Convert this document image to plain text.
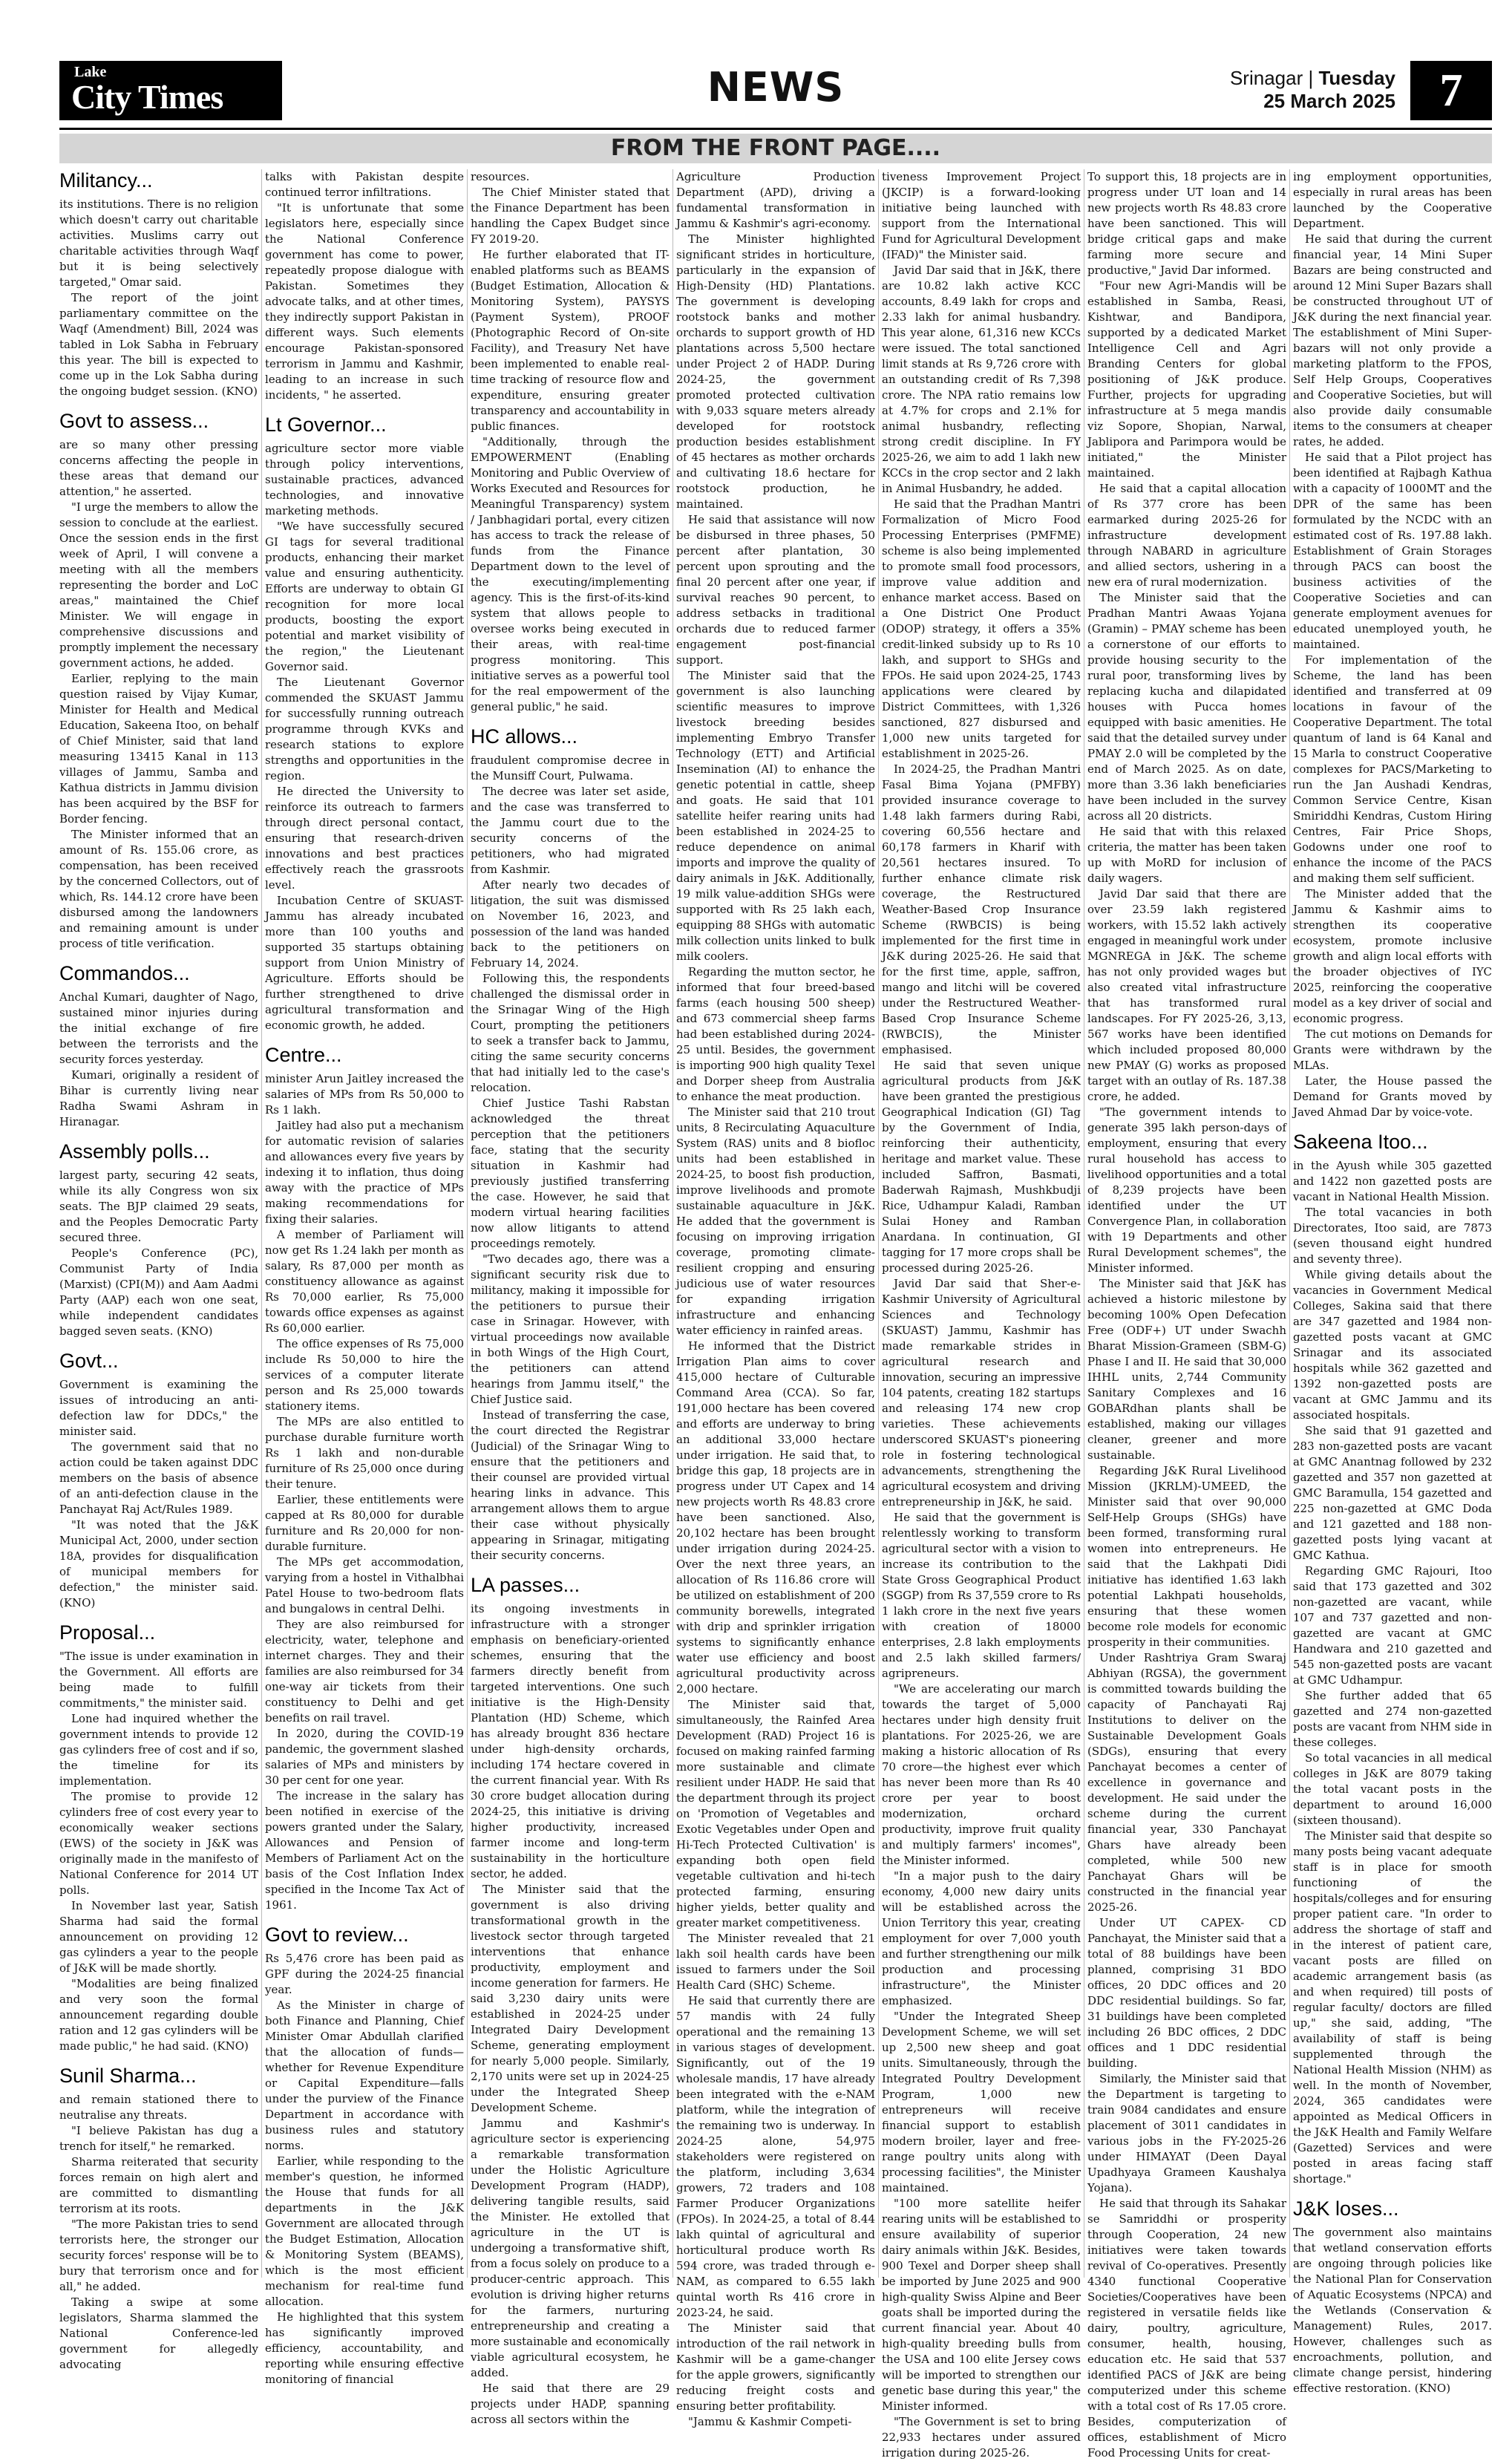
Lake
City Times	NEWS	Srinagar | Tuesday
25 March 2025 7
FROM THE FRONT PAGE....
Militancy...

its institutions. There is no religion which doesn't carry out charitable activities. Muslims carry out charitable activities through Waqf but it is being selectively targeted," Omar said.

The report of the joint parliamentary committee on the Waqf (Amendment) Bill, 2024 was tabled in Lok Sabha in February this year. The bill is expected to come up in the Lok Sabha during the ongoing budget session. (KNO)

Govt to assess...

are so many other pressing concerns affecting the people in these areas that demand our attention," he asserted.

"I urge the members to allow the session to conclude at the earliest. Once the session ends in the first week of April, I will convene a meeting with all the members representing the border and LoC areas," maintained the Chief Minister. We will engage in comprehensive discussions and promptly implement the necessary government actions, he added.

Earlier, replying to the main question raised by Vijay Kumar, Minister for Health and Medical Education, Sakeena Itoo, on behalf of Chief Minister, said that land measuring 13415 Kanal in 113 villages of Jammu, Samba and Kathua districts in Jammu division has been acquired by the BSF for Border fencing.

The Minister informed that an amount of Rs. 155.06 crore, as compensation, has been received by the concerned Collectors, out of which, Rs. 144.12 crore have been disbursed among the landowners and remaining amount is under process of title verification.

Commandos...

Anchal Kumari, daughter of Nago, sustained minor injuries during the initial exchange of fire between the terrorists and the security forces yesterday.

Kumari, originally a resident of Bihar is currently living near Radha Swami Ashram in Hiranagar.

Assembly polls...

largest party, securing 42 seats, while its ally Congress won six seats. The BJP claimed 29 seats, and the Peoples Democratic Party secured three.

People's Conference (PC), Communist Party of India (Marxist) (CPI(M)) and Aam Aadmi Party (AAP) each won one seat, while independent candidates bagged seven seats. (KNO)

Govt...

Government is examining the issues of introducing an anti-defection law for DDCs," the minister said.

The government said that no action could be taken against DDC members on the basis of absence of an anti-defection clause in the Panchayat Raj Act/Rules 1989.

"It was noted that the J&K Municipal Act, 2000, under section 18A, provides for disqualification of municipal members for defection," the minister said. (KNO)

Proposal...

"The issue is under examination in the Government. All efforts are being made to fulfill commitments," the minister said.

Lone had inquired whether the government intends to provide 12 gas cylinders free of cost and if so, the timeline for its implementation.

The promise to provide 12 cylinders free of cost every year to economically weaker sections (EWS) of the society in J&K was originally made in the manifesto of National Conference for 2014 UT polls.

In November last year, Satish Sharma had said the formal announcement on providing 12 gas cylinders a year to the people of J&K will be made shortly.

"Modalities are being finalized and very soon the formal announcement regarding double ration and 12 gas cylinders will be made public," he had said. (KNO)

Sunil Sharma...

and remain stationed there to neutralise any threats.

"I believe Pakistan has dug a trench for itself," he remarked.

Sharma reiterated that security forces remain on high alert and are committed to dismantling terrorism at its roots.

"The more Pakistan tries to send terrorists here, the stronger our security forces' response will be to bury that terrorism once and for all," he added.

Taking a swipe at some legislators, Sharma slammed the National Conference-led government for allegedly advocating

talks with Pakistan despite continued terror infiltrations.

"It is unfortunate that some legislators here, especially since the National Conference government has come to power, repeatedly propose dialogue with Pakistan. Sometimes they advocate talks, and at other times, they indirectly support Pakistan in different ways. Such elements encourage Pakistan-sponsored terrorism in Jammu and Kashmir, leading to an increase in such incidents, " he asserted.

Lt Governor...

agriculture sector more viable through policy interventions, sustainable practices, advanced technologies, and innovative marketing methods.

"We have successfully secured GI tags for several traditional products, enhancing their market value and ensuring authenticity. Efforts are underway to obtain GI recognition for more local products, boosting the export potential and market visibility of the region," the Lieutenant Governor said.

The Lieutenant Governor commended the SKUAST Jammu for successfully running outreach programme through KVKs and research stations to explore strengths and opportunities in the region.

He directed the University to reinforce its outreach to farmers through direct personal contact, ensuring that research-driven innovations and best practices effectively reach the grassroots level.

Incubation Centre of SKUAST-Jammu has already incubated more than 100 youths and supported 35 startups obtaining support from Union Ministry of Agriculture. Efforts should be further strengthened to drive agricultural transformation and economic growth, he added.

Centre...

minister Arun Jaitley increased the salaries of MPs from Rs 50,000 to Rs 1 lakh.

Jaitley had also put a mechanism for automatic revision of salaries and allowances every five years by indexing it to inflation, thus doing away with the practice of MPs making recommendations for fixing their salaries.

A member of Parliament will now get Rs 1.24 lakh per month as salary, Rs 87,000 per month as constituency allowance as against Rs 70,000 earlier, Rs 75,000 towards office expenses as against Rs 60,000 earlier.

The office expenses of Rs 75,000 include Rs 50,000 to hire the services of a computer literate person and Rs 25,000 towards stationery items.

The MPs are also entitled to purchase durable furniture worth Rs 1 lakh and non-durable furniture of Rs 25,000 once during their tenure.

Earlier, these entitlements were capped at Rs 80,000 for durable furniture and Rs 20,000 for non-durable furniture.

The MPs get accommodation, varying from a hostel in Vithalbhai Patel House to two-bedroom flats and bungalows in central Delhi.

They are also reimbursed for electricity, water, telephone and internet charges. They and their families are also reimbursed for 34 one-way air tickets from their constituency to Delhi and get benefits on rail travel.

In 2020, during the COVID-19 pandemic, the government slashed salaries of MPs and ministers by 30 per cent for one year.

The increase in the salary has been notified in exercise of the powers granted under the Salary, Allowances and Pension of Members of Parliament Act on the basis of the Cost Inflation Index specified in the Income Tax Act of 1961.

Govt to review...

Rs 5,476 crore has been paid as GPF during the 2024-25 financial year.

As the Minister in charge of both Finance and Planning, Chief Minister Omar Abdullah clarified that the allocation of funds—whether for Revenue Expenditure or Capital Expenditure—falls under the purview of the Finance Department in accordance with business rules and statutory norms.

Earlier, while responding to the member's question, he informed the House that funds for all departments in the J&K Government are allocated through the Budget Estimation, Allocation & Monitoring System (BEAMS), which is the most efficient mechanism for real-time fund allocation.

He highlighted that this system has significantly improved efficiency, accountability, and reporting while ensuring effective monitoring of financial

resources.

The Chief Minister stated that the Finance Department has been handling the Capex Budget since FY 2019-20.

He further elaborated that IT-enabled platforms such as BEAMS (Budget Estimation, Allocation & Monitoring System), PAYSYS (Payment System), PROOF (Photographic Record of On-site Facility), and Treasury Net have been implemented to enable real-time tracking of resource flow and expenditure, ensuring greater transparency and accountability in public finances.

"Additionally, through the EMPOWERMENT (Enabling Monitoring and Public Overview of Works Executed and Resources for Meaningful Transparency) system / Janbhagidari portal, every citizen has access to track the release of funds from the Finance Department down to the level of the executing/implementing agency. This is the first-of-its-kind system that allows people to oversee works being executed in their areas, with real-time progress monitoring. This initiative serves as a powerful tool for the real empowerment of the general public," he said.

HC allows...

fraudulent compromise decree in the Munsiff Court, Pulwama.

The decree was later set aside, and the case was transferred to the Jammu court due to the security concerns of the petitioners, who had migrated from Kashmir.

After nearly two decades of litigation, the suit was dismissed on November 16, 2023, and possession of the land was handed back to the petitioners on February 14, 2024.

Following this, the respondents challenged the dismissal order in the Srinagar Wing of the High Court, prompting the petitioners to seek a transfer back to Jammu, citing the same security concerns that had initially led to the case's relocation.

Chief Justice Tashi Rabstan acknowledged the threat perception that the petitioners face, stating that the security situation in Kashmir had previously justified transferring the case. However, he said that modern virtual hearing facilities now allow litigants to attend proceedings remotely.

"Two decades ago, there was a significant security risk due to militancy, making it impossible for the petitioners to pursue their case in Srinagar. However, with virtual proceedings now available in both Wings of the High Court, the petitioners can attend hearings from Jammu itself," the Chief Justice said.

Instead of transferring the case, the court directed the Registrar (Judicial) of the Srinagar Wing to ensure that the petitioners and their counsel are provided virtual hearing links in advance. This arrangement allows them to argue their case without physically appearing in Srinagar, mitigating their security concerns.

LA passes...

its ongoing investments in infrastructure with a stronger emphasis on beneficiary-oriented schemes, ensuring that the farmers directly benefit from targeted interventions. One such initiative is the High-Density Plantation (HD) Scheme, which has already brought 836 hectare under high-density orchards, including 174 hectare covered in the current financial year. With Rs 30 crore budget allocation during 2024-25, this initiative is driving higher productivity, increased farmer income and long-term sustainability in the horticulture sector, he added.

The Minister said that the government is also driving transformational growth in the livestock sector through targeted interventions that enhance productivity, employment and income generation for farmers. He said 3,230 dairy units were established in 2024-25 under Integrated Dairy Development Scheme, generating employment for nearly 5,000 people. Similarly, 2,170 units were set up in 2024-25 under the Integrated Sheep Development Scheme.

Jammu and Kashmir's agriculture sector is experiencing a remarkable transformation under the Holistic Agriculture Development Program (HADP), delivering tangible results, said the Minister. He extolled that agriculture in the UT is undergoing a transformative shift, from a focus solely on produce to a producer-centric approach. This evolution is driving higher returns for the farmers, nurturing entrepreneurship and creating a more sustainable and economically viable agricultural ecosystem, he added.

He said that there are 29 projects under HADP, spanning across all sectors within the

Agriculture Production Department (APD), driving a fundamental transformation in Jammu & Kashmir's agri-economy.

The Minister highlighted significant strides in horticulture, particularly in the expansion of High-Density (HD) Plantations. The government is developing rootstock banks and mother orchards to support growth of HD plantations across 5,500 hectare under Project 2 of HADP. During 2024-25, the government promoted protected cultivation with 9,033 square meters already developed for rootstock production besides establishment of 45 hectares as mother orchards and cultivating 18.6 hectare for rootstock production, he maintained.

He said that assistance will now be disbursed in three phases, 50 percent after plantation, 30 percent upon sprouting and the final 20 percent after one year, if survival reaches 90 percent, to address setbacks in traditional orchards due to reduced farmer engagement post-financial support.

The Minister said that the government is also launching scientific measures to improve livestock breeding besides implementing Embryo Transfer Technology (ETT) and Artificial Insemination (AI) to enhance the genetic potential in cattle, sheep and goats. He said that 101 satellite heifer rearing units had been established in 2024-25 to reduce dependence on animal imports and improve the quality of dairy animals in J&K. Additionally, 19 milk value-addition SHGs were supported with Rs 25 lakh each, equipping 88 SHGs with automatic milk collection units linked to bulk milk coolers.

Regarding the mutton sector, he informed that four breed-based farms (each housing 500 sheep) and 673 commercial sheep farms had been established during 2024-25 until. Besides, the government is importing 900 high quality Texel and Dorper sheep from Australia to enhance the meat production.

The Minister said that 210 trout units, 8 Recirculating Aquaculture System (RAS) units and 8 biofloc units had been established in 2024-25, to boost fish production, improve livelihoods and promote sustainable aquaculture in J&K. He added that the government is focusing on improving irrigation coverage, promoting climate-resilient cropping and ensuring judicious use of water resources for expanding irrigation infrastructure and enhancing water efficiency in rainfed areas.

He informed that the District Irrigation Plan aims to cover 415,000 hectare of Culturable Command Area (CCA). So far, 191,000 hectare has been covered and efforts are underway to bring an additional 33,000 hectare under irrigation. He said that, to bridge this gap, 18 projects are in progress under UT Capex and 14 new projects worth Rs 48.83 crore have been sanctioned. Also, 20,102 hectare has been brought under irrigation during 2024-25. Over the next three years, an allocation of Rs 116.86 crore will be utilized on establishment of 200 community borewells, integrated with drip and sprinkler irrigation systems to significantly enhance water use efficiency and boost agricultural productivity across 2,000 hectare.

The Minister said that, simultaneously, the Rainfed Area Development (RAD) Project 16 is focused on making rainfed farming more sustainable and climate resilient under HADP. He said that the department through its project on 'Promotion of Vegetables and Exotic Vegetables under Open and Hi-Tech Protected Cultivation' is expanding both open field vegetable cultivation and hi-tech protected farming, ensuring higher yields, better quality and greater market competitiveness.

The Minister revealed that 21 lakh soil health cards have been issued to farmers under the Soil Health Card (SHC) Scheme.

He said that currently there are 57 mandis with 24 fully operational and the remaining 13 in various stages of development. Significantly, out of the 19 wholesale mandis, 17 have already been integrated with the e-NAM platform, while the integration of the remaining two is underway. In 2024-25 alone, 54,975 stakeholders were registered on the platform, including 3,634 growers, 72 traders and 108 Farmer Producer Organizations (FPOs). In 2024-25, a total of 8.44 lakh quintal of agricultural and horticultural produce worth Rs 594 crore, was traded through e-NAM, as compared to 6.55 lakh quintal worth Rs 416 crore in 2023-24, he said.

The Minister said that introduction of the rail network in Kashmir will be a game-changer for the apple growers, significantly reducing freight costs and ensuring better profitability.

"Jammu & Kashmir Competi-

tiveness Improvement Project (JKCIP) is a forward-looking initiative being launched with support from the International Fund for Agricultural Development (IFAD)" the Minister said.

Javid Dar said that in J&K, there are 10.82 lakh active KCC accounts, 8.49 lakh for crops and 2.33 lakh for animal husbandry. This year alone, 61,316 new KCCs were issued. The total sanctioned limit stands at Rs 9,726 crore with an outstanding credit of Rs 7,398 crore. The NPA ratio remains low at 4.7% for crops and 2.1% for animal husbandry, reflecting strong credit discipline. In FY 2025-26, we aim to add 1 lakh new KCCs in the crop sector and 2 lakh in Animal Husbandry, he added.

He said that the Pradhan Mantri Formalization of Micro Food Processing Enterprises (PMFME) scheme is also being implemented to promote small food processors, improve value addition and enhance market access. Based on a One District One Product (ODOP) strategy, it offers a 35% credit-linked subsidy up to Rs 10 lakh, and support to SHGs and FPOs. He said upon 2024-25, 1743 applications were cleared by District Committees, with 1,326 sanctioned, 827 disbursed and 1,000 new units targeted for establishment in 2025-26.

In 2024-25, the Pradhan Mantri Fasal Bima Yojana (PMFBY) provided insurance coverage to 1.48 lakh farmers during Rabi, covering 60,556 hectare and 60,178 farmers in Kharif with 20,561 hectares insured. To further enhance climate risk coverage, the Restructured Weather-Based Crop Insurance Scheme (RWBCIS) is being implemented for the first time in J&K during 2025-26. He said that for the first time, apple, saffron, mango and litchi will be covered under the Restructured Weather-Based Crop Insurance Scheme (RWBCIS), the Minister emphasised.

He said that seven unique agricultural products from J&K have been granted the prestigious Geographical Indication (GI) Tag by the Government of India, reinforcing their authenticity, heritage and market value. These included Saffron, Basmati, Baderwah Rajmash, Mushkbudji Rice, Udhampur Kaladi, Ramban Sulai Honey and Ramban Anardana. In continuation, GI tagging for 17 more crops shall be processed during 2025-26.

Javid Dar said that Sher-e-Kashmir University of Agricultural Sciences and Technology (SKUAST) Jammu, Kashmir has made remarkable strides in agricultural research and innovation, securing an impressive 104 patents, creating 182 startups and releasing 174 new crop varieties. These achievements underscored SKUAST's pioneering role in fostering technological advancements, strengthening the agricultural ecosystem and driving entrepreneurship in J&K, he said.

He said that the government is relentlessly working to transform agricultural sector with a vision to increase its contribution to the State Gross Geographical Product (SGGP) from Rs 37,559 crore to Rs 1 lakh crore in the next five years with creation of 18000 enterprises, 2.8 lakh employments and 2.5 lakh skilled farmers/ agripreneurs.

"We are accelerating our march towards the target of 5,000 hectares under high density fruit plantations. For 2025-26, we are making a historic allocation of Rs 70 crore—the highest ever which has never been more than Rs 40 crore per year to boost modernization, orchard productivity, improve fruit quality and multiply farmers' incomes", the Minister informed.

"In a major push to the dairy economy, 4,000 new dairy units will be established across the Union Territory this year, creating employment for over 7,000 youth and further strengthening our milk production and processing infrastructure", the Minister emphasized.

"Under the Integrated Sheep Development Scheme, we will set up 2,500 new sheep and goat units. Simultaneously, through the Integrated Poultry Development Program, 1,000 new entrepreneurs will receive financial support to establish modern broiler, layer and free-range poultry units along with processing facilities", the Minister maintained.

"100 more satellite heifer rearing units will be established to ensure availability of superior dairy animals within J&K. Besides, 900 Texel and Dorper sheep shall be imported by June 2025 and 900 high-quality Swiss Alpine and Beer goats shall be imported during the current financial year. About 40 high-quality breeding bulls from the USA and 100 elite Jersey cows will be imported to strengthen our genetic base during this year," the Minister informed.

"The Government is set to bring 22,933 hectares under assured irrigation during 2025-26.

To support this, 18 projects are in progress under UT loan and 14 new projects worth Rs 48.83 crore have been sanctioned. This will bridge critical gaps and make farming more secure and productive," Javid Dar informed.

"Four new Agri-Mandis will be established in Samba, Reasi, Kishtwar, and Bandipora, supported by a dedicated Market Intelligence Cell and Agri Branding Centers for global positioning of J&K produce. Further, projects for upgrading infrastructure at 5 mega mandis viz Sopore, Shopian, Narwal, Jablipora and Parimpora would be initiated," the Minister maintained.

He said that a capital allocation of Rs 377 crore has been earmarked during 2025-26 for infrastructure development through NABARD in agriculture and allied sectors, ushering in a new era of rural modernization.

The Minister said that the Pradhan Mantri Awaas Yojana (Gramin) – PMAY scheme has been a cornerstone of our efforts to provide housing security to the rural poor, transforming lives by replacing kucha and dilapidated houses with Pucca homes equipped with basic amenities. He said that the detailed survey under PMAY 2.0 will be completed by the end of March 2025. As on date, more than 3.36 lakh beneficiaries have been included in the survey across all 20 districts.

He said that with this relaxed criteria, the matter has been taken up with MoRD for inclusion of daily wagers.

Javid Dar said that there are over 23.59 lakh registered workers, with 15.52 lakh actively engaged in meaningful work under MGNREGA in J&K. The scheme has not only provided wages but also created vital infrastructure that has transformed rural landscapes. For FY 2025-26, 3,13, 567 works have been identified which included proposed 80,000 new PMAY (G) works as proposed target with an outlay of Rs. 187.38 crore, he added.

"The government intends to generate 395 lakh person-days of employment, ensuring that every rural household has access to livelihood opportunities and a total of 8,239 projects have been identified under the UT Convergence Plan, in collaboration with 19 Departments and other Rural Development schemes", the Minister informed.

The Minister said that J&K has achieved a historic milestone by becoming 100% Open Defecation Free (ODF+) UT under Swachh Bharat Mission-Grameen (SBM-G) Phase I and II. He said that 30,000 IHHL units, 2,744 Community Sanitary Complexes and 16 GOBARdhan plants shall be established, making our villages cleaner, greener and more sustainable.

Regarding J&K Rural Livelihood Mission (JKRLM)-UMEED, the Minister said that over 90,000 Self-Help Groups (SHGs) have been formed, transforming rural women into entrepreneurs. He said that the Lakhpati Didi initiative has identified 1.63 lakh potential Lakhpati households, ensuring that these women become role models for economic prosperity in their communities.

Under Rashtriya Gram Swaraj Abhiyan (RGSA), the government is committed towards building the capacity of Panchayati Raj Institutions to deliver on the Sustainable Development Goals (SDGs), ensuring that every Panchayat becomes a center of excellence in governance and development. He said under the scheme during the current financial year, 330 Panchayat Ghars have already been completed, while 500 new Panchayat Ghars will be constructed in the financial year 2025-26.

Under UT CAPEX- CD Panchayat, the Minister said that a total of 88 buildings have been planned, comprising 31 BDO offices, 20 DDC offices and 20 DDC residential buildings. So far, 31 buildings have been completed including 26 BDC offices, 2 DDC offices and 1 DDC residential building.

Similarly, the Minister said that the Department is targeting to train 9084 candidates and ensure placement of 3011 candidates in various jobs in the FY-2025-26 under HIMAYAT (Deen Dayal Upadhyaya Grameen Kaushalya Yojana).

He said that through its Sahakar se Samriddhi or prosperity through Cooperation, 24 new initiatives were taken towards revival of Co-operatives. Presently 4340 functional Cooperative Societies/Cooperatives have been registered in versatile fields like dairy, poultry, agriculture, consumer, health, housing, education etc. He said that 537 identified PACS of J&K are being computerized under this scheme with a total cost of Rs 17.05 crore. Besides, computerization of offices, establishment of Micro Food Processing Units for creat-

ing employment opportunities, especially in rural areas has been launched by the Cooperative Department.

He said that during the current financial year, 14 Mini Super Bazars are being constructed and around 12 Mini Super Bazars shall be constructed throughout UT of J&K during the next financial year. The establishment of Mini Super-bazars will not only provide a marketing platform to the FPOS, Self Help Groups, Cooperatives and Cooperative Societies, but will also provide daily consumable items to the consumers at cheaper rates, he added.

He said that a Pilot project has been identified at Rajbagh Kathua with a capacity of 1000MT and the DPR of the same has been formulated by the NCDC with an estimated cost of Rs. 197.88 lakh. Establishment of Grain Storages through PACS can boost the business activities of the Cooperative Societies and can generate employment avenues for educated unemployed youth, he maintained.

For implementation of the Scheme, the land has been identified and transferred at 09 locations in favour of the Cooperative Department. The total quantum of land is 64 Kanal and 15 Marla to construct Cooperative complexes for PACS/Marketing to run the Jan Aushadi Kendras, Common Service Centre, Kisan Smiriddhi Kendras, Custom Hiring Centres, Fair Price Shops, Godowns under one roof to enhance the income of the PACS and making them self sufficient.

The Minister added that the Jammu & Kashmir aims to strengthen its cooperative ecosystem, promote inclusive growth and align local efforts with the broader objectives of IYC 2025, reinforcing the cooperative model as a key driver of social and economic progress.

The cut motions on Demands for Grants were withdrawn by the MLAs.

Later, the House passed the Demand for Grants moved by Javed Ahmad Dar by voice-vote.

Sakeena Itoo...

in the Ayush while 305 gazetted and 1422 non gazetted posts are vacant in National Health Mission.

The total vacancies in both Directorates, Itoo said, are 7873 (seven thousand eight hundred and seventy three).

While giving details about the vacancies in Government Medical Colleges, Sakina said that there are 347 gazetted and 1984 non-gazetted posts vacant at GMC Srinagar and its associated hospitals while 362 gazetted and 1392 non-gazetted posts are vacant at GMC Jammu and its associated hospitals.

She said that 91 gazetted and 283 non-gazetted posts are vacant at GMC Anantnag followed by 232 gazetted and 357 non gazetted at GMC Baramulla, 154 gazetted and 225 non-gazetted at GMC Doda and 121 gazetted and 188 non-gazetted posts lying vacant at GMC Kathua.

Regarding GMC Rajouri, Itoo said that 173 gazetted and 302 non-gazetted are vacant, while 107 and 737 gazetted and non-gazetted are vacant at GMC Handwara and 210 gazetted and 545 non-gazetted posts are vacant at GMC Udhampur.

She further added that 65 gazetted and 274 non-gazetted posts are vacant from NHM side in these colleges.

So total vacancies in all medical colleges in J&K are 8079 taking the total vacant posts in the department to around 16,000 (sixteen thousand).

The Minister said that despite so many posts being vacant adequate staff is in place for smooth functioning of the hospitals/colleges and for ensuring proper patient care. "In order to address the shortage of staff and in the interest of patient care, vacant posts are filled on academic arrangement basis (as and when required) till posts of regular faculty/ doctors are filled up," she said, adding, "The availability of staff is being supplemented through the National Health Mission (NHM) as well. In the month of November, 2024, 365 candidates were appointed as Medical Officers in the J&K Health and Family Welfare (Gazetted) Services and were posted in areas facing staff shortage."

J&K loses...

The government also maintains that wetland conservation efforts are ongoing through policies like the National Plan for Conservation of Aquatic Ecosystems (NPCA) and the Wetlands (Conservation & Management) Rules, 2017. However, challenges such as encroachments, pollution, and climate change persist, hindering effective restoration. (KNO)
